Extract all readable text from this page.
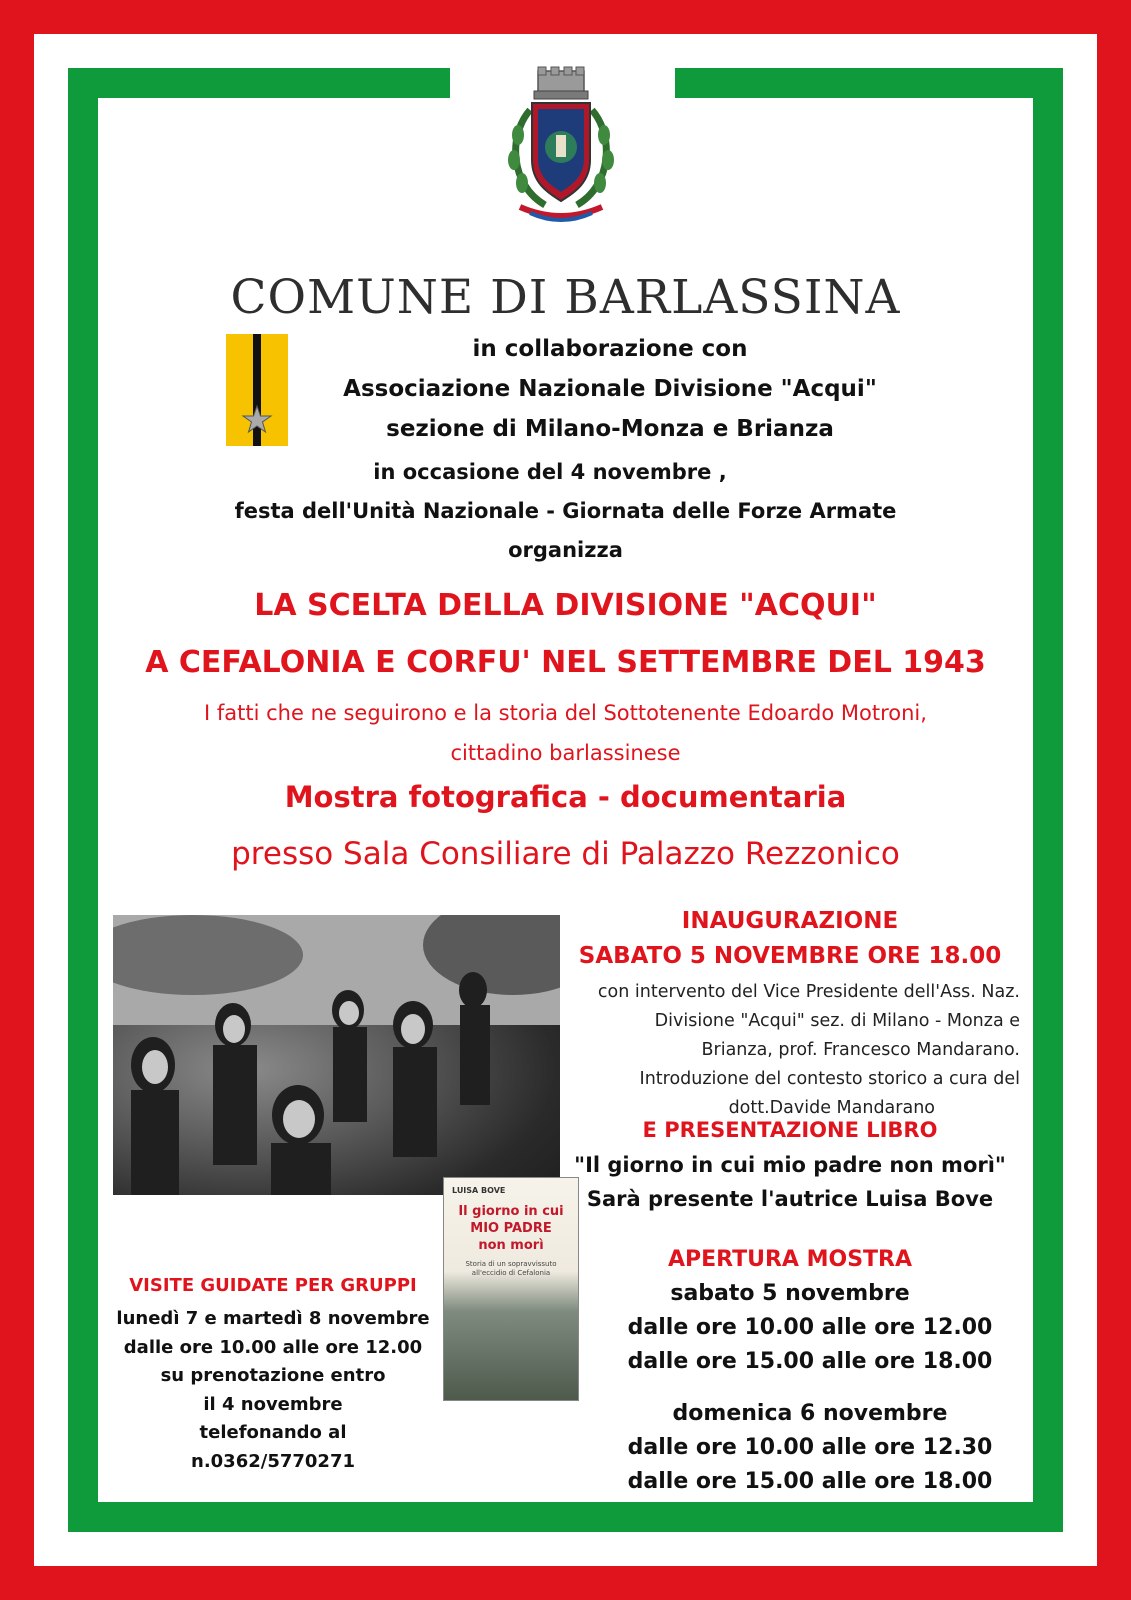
COMUNE DI BARLASSINA
in collaborazione con
Associazione Nazionale Divisione "Acqui"
sezione di Milano-Monza e Brianza
in occasione del 4 novembre ,
festa dell'Unità Nazionale - Giornata delle Forze Armate
organizza
LA SCELTA DELLA DIVISIONE "ACQUI"
A CEFALONIA E CORFU' NEL SETTEMBRE DEL 1943
I fatti che ne seguirono e la storia del Sottotenente Edoardo Motroni,
cittadino barlassinese
Mostra fotografica - documentaria
presso Sala Consiliare di Palazzo Rezzonico
LUISA BOVE
Il giorno in cui
MIO PADRE
non morì
Storia di un sopravvissuto all'eccidio di Cefalonia
INAUGURAZIONE
SABATO 5 NOVEMBRE ORE 18.00
con intervento del Vice Presidente dell'Ass. Naz.
Divisione "Acqui" sez. di Milano - Monza e
Brianza, prof. Francesco Mandarano.
Introduzione del contesto storico a cura del
dott.Davide Mandarano
E PRESENTAZIONE LIBRO
"Il giorno in cui mio padre non morì"
Sarà presente l'autrice Luisa Bove
APERTURA MOSTRA
sabato 5 novembre
dalle ore 10.00 alle ore 12.00
dalle ore 15.00 alle ore 18.00
domenica 6 novembre
dalle ore 10.00 alle ore 12.30
dalle ore 15.00 alle ore 18.00
VISITE GUIDATE PER GRUPPI
lunedì 7 e martedì 8 novembre
dalle ore 10.00 alle ore 12.00
su prenotazione entro
il 4 novembre
telefonando al
n.0362/5770271
